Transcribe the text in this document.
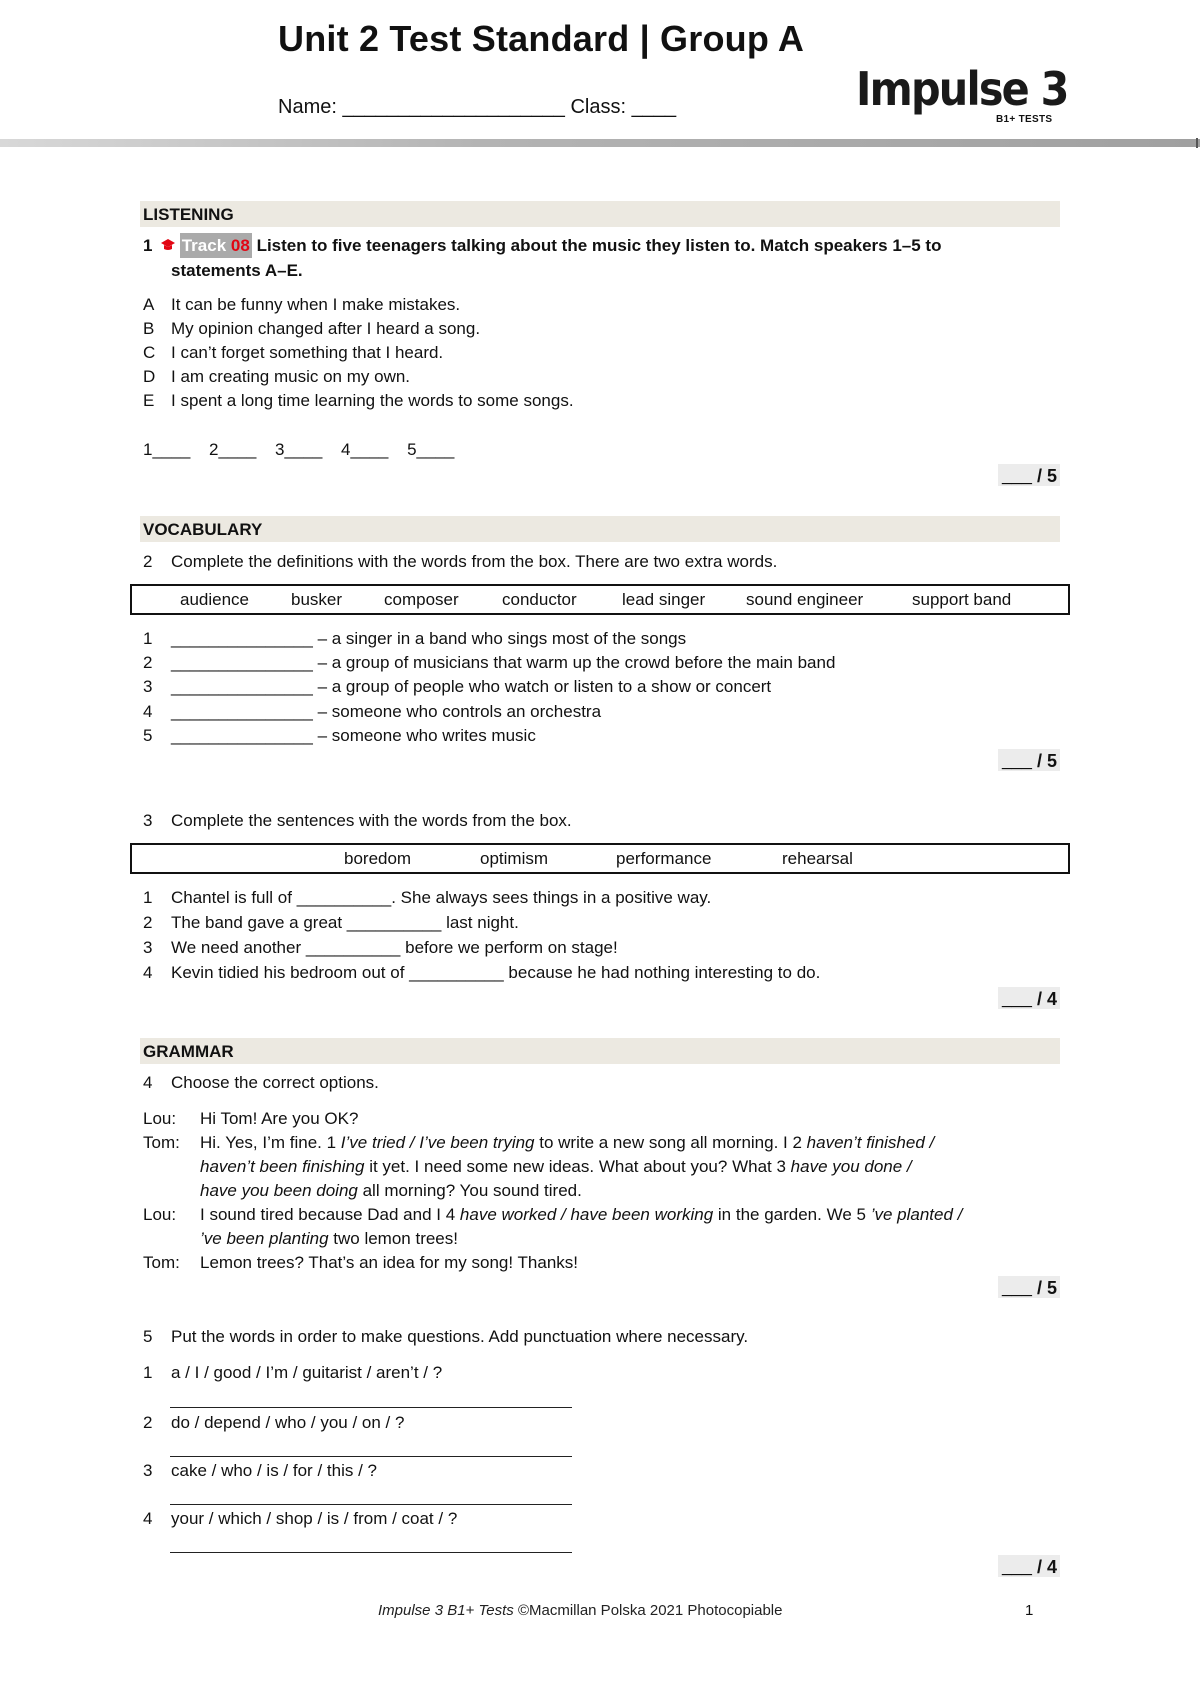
Unit 2 Test Standard | Group A
Name: ____________________ Class: ____	Impulse 3
B1+ TESTS
LISTENING
1 Track 08 Listen to five teenagers talking about the music they listen to. Match speakers 1–5 to
statements A–E.
A It can be funny when I make mistakes.
B My opinion changed after I heard a song.
C I can’t forget something that I heard.
D I am creating music on my own.
E I spent a long time learning the words to some songs.
1____ 2____ 3____ 4____ 5____
___ / 5
VOCABULARY
2 Complete the definitions with the words from the box. There are two extra words.
audience busker composer	conductor	lead singer sound engineer	support band
1 _______________ – a singer in a band who sings most of the songs
2 _______________ – a group of musicians that warm up the crowd before the main band
3 _______________ – a group of people who watch or listen to a show or concert
4 _______________ – someone who controls an orchestra
5 _______________ – someone who writes music
___ / 5
3 Complete the sentences with the words from the box.
boredom	optimism	performance	rehearsal
1 Chantel is full of __________. She always sees things in a positive way.
2 The band gave a great __________ last night.
3 We need another __________ before we perform on stage!
4 Kevin tidied his bedroom out of __________ because he had nothing interesting to do.
___ / 4
GRAMMAR
4 Choose the correct options.
Lou: Hi Tom! Are you OK?
Tom: Hi. Yes, I’m fine. 1 I’ve tried / I’ve been trying to write a new song all morning. I 2 haven’t finished /
haven’t been finishing it yet. I need some new ideas. What about you? What 3 have you done /
have you been doing all morning? You sound tired.
Lou: I sound tired because Dad and I 4 have worked / have been working in the garden. We 5 ’ve planted /
’ve been planting two lemon trees!
Tom: Lemon trees? That’s an idea for my song! Thanks!
___ / 5
5 Put the words in order to make questions. Add punctuation where necessary.
1 a / I / good / I’m / guitarist / aren’t / ?
2 do / depend / who / you / on / ?
3 cake / who / is / for / this / ?
4 your / which / shop / is / from / coat / ?
___ / 4
Impulse 3 B1+ Tests ©Macmillan Polska 2021 Photocopiable	1
